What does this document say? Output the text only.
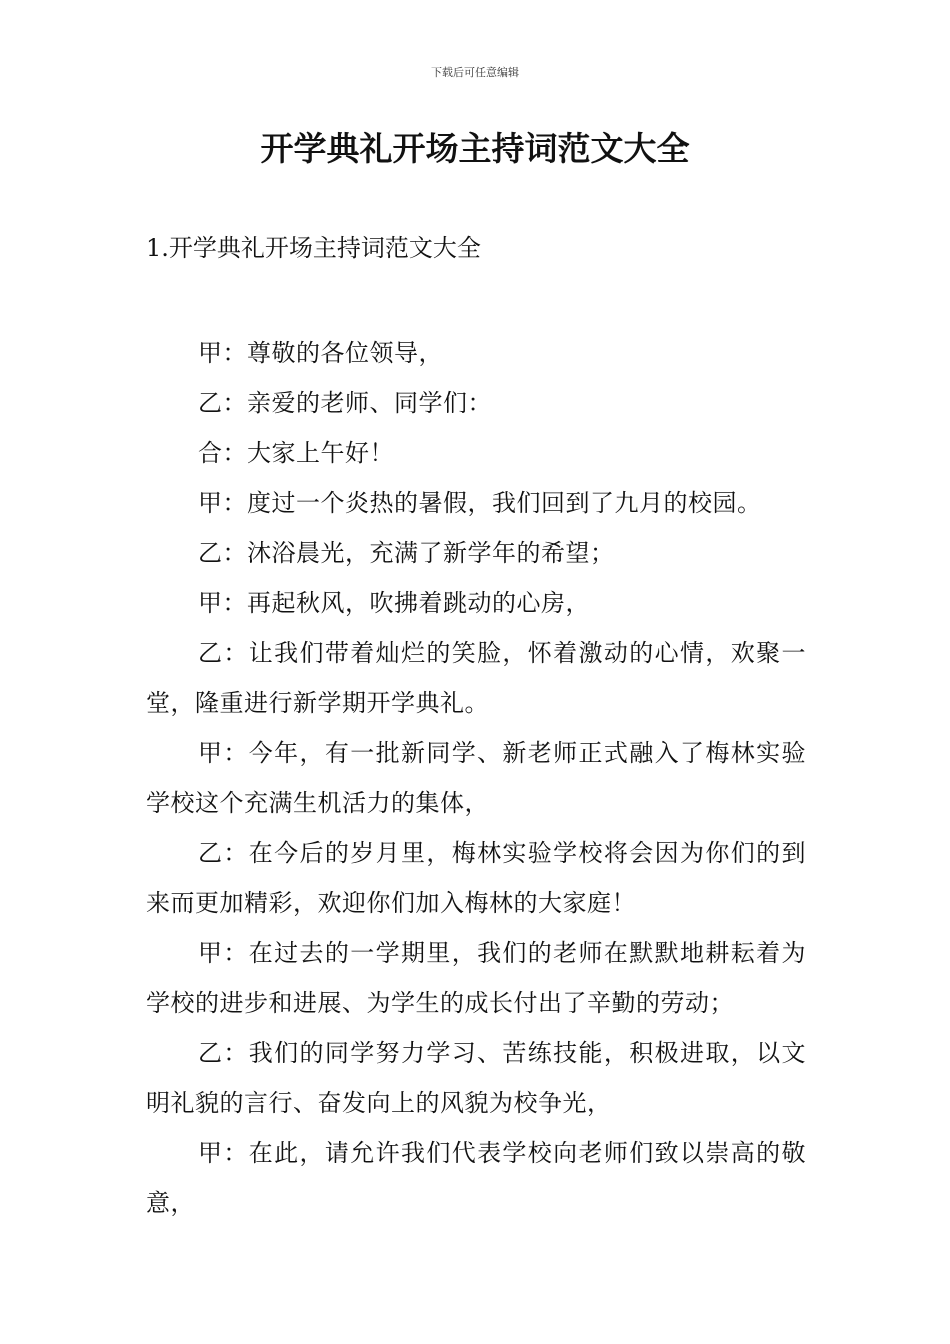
下载后可任意编辑
开学典礼开场主持词范文大全
1.开学典礼开场主持词范文大全

甲：尊敬的各位领导，

乙：亲爱的老师、同学们：

合：大家上午好！

甲：度过一个炎热的暑假，我们回到了九月的校园。

乙：沐浴晨光，充满了新学年的希望；

甲：再起秋风，吹拂着跳动的心房，

乙：让我们带着灿烂的笑脸，怀着激动的心情，欢聚一堂，隆重进行新学期开学典礼。

甲：今年，有一批新同学、新老师正式融入了梅林实验学校这个充满生机活力的集体，

乙：在今后的岁月里，梅林实验学校将会因为你们的到来而更加精彩，欢迎你们加入梅林的大家庭！

甲：在过去的一学期里，我们的老师在默默地耕耘着为学校的进步和进展、为学生的成长付出了辛勤的劳动；

乙：我们的同学努力学习、苦练技能，积极进取，以文明礼貌的言行、奋发向上的风貌为校争光，

甲：在此，请允许我们代表学校向老师们致以崇高的敬意，
